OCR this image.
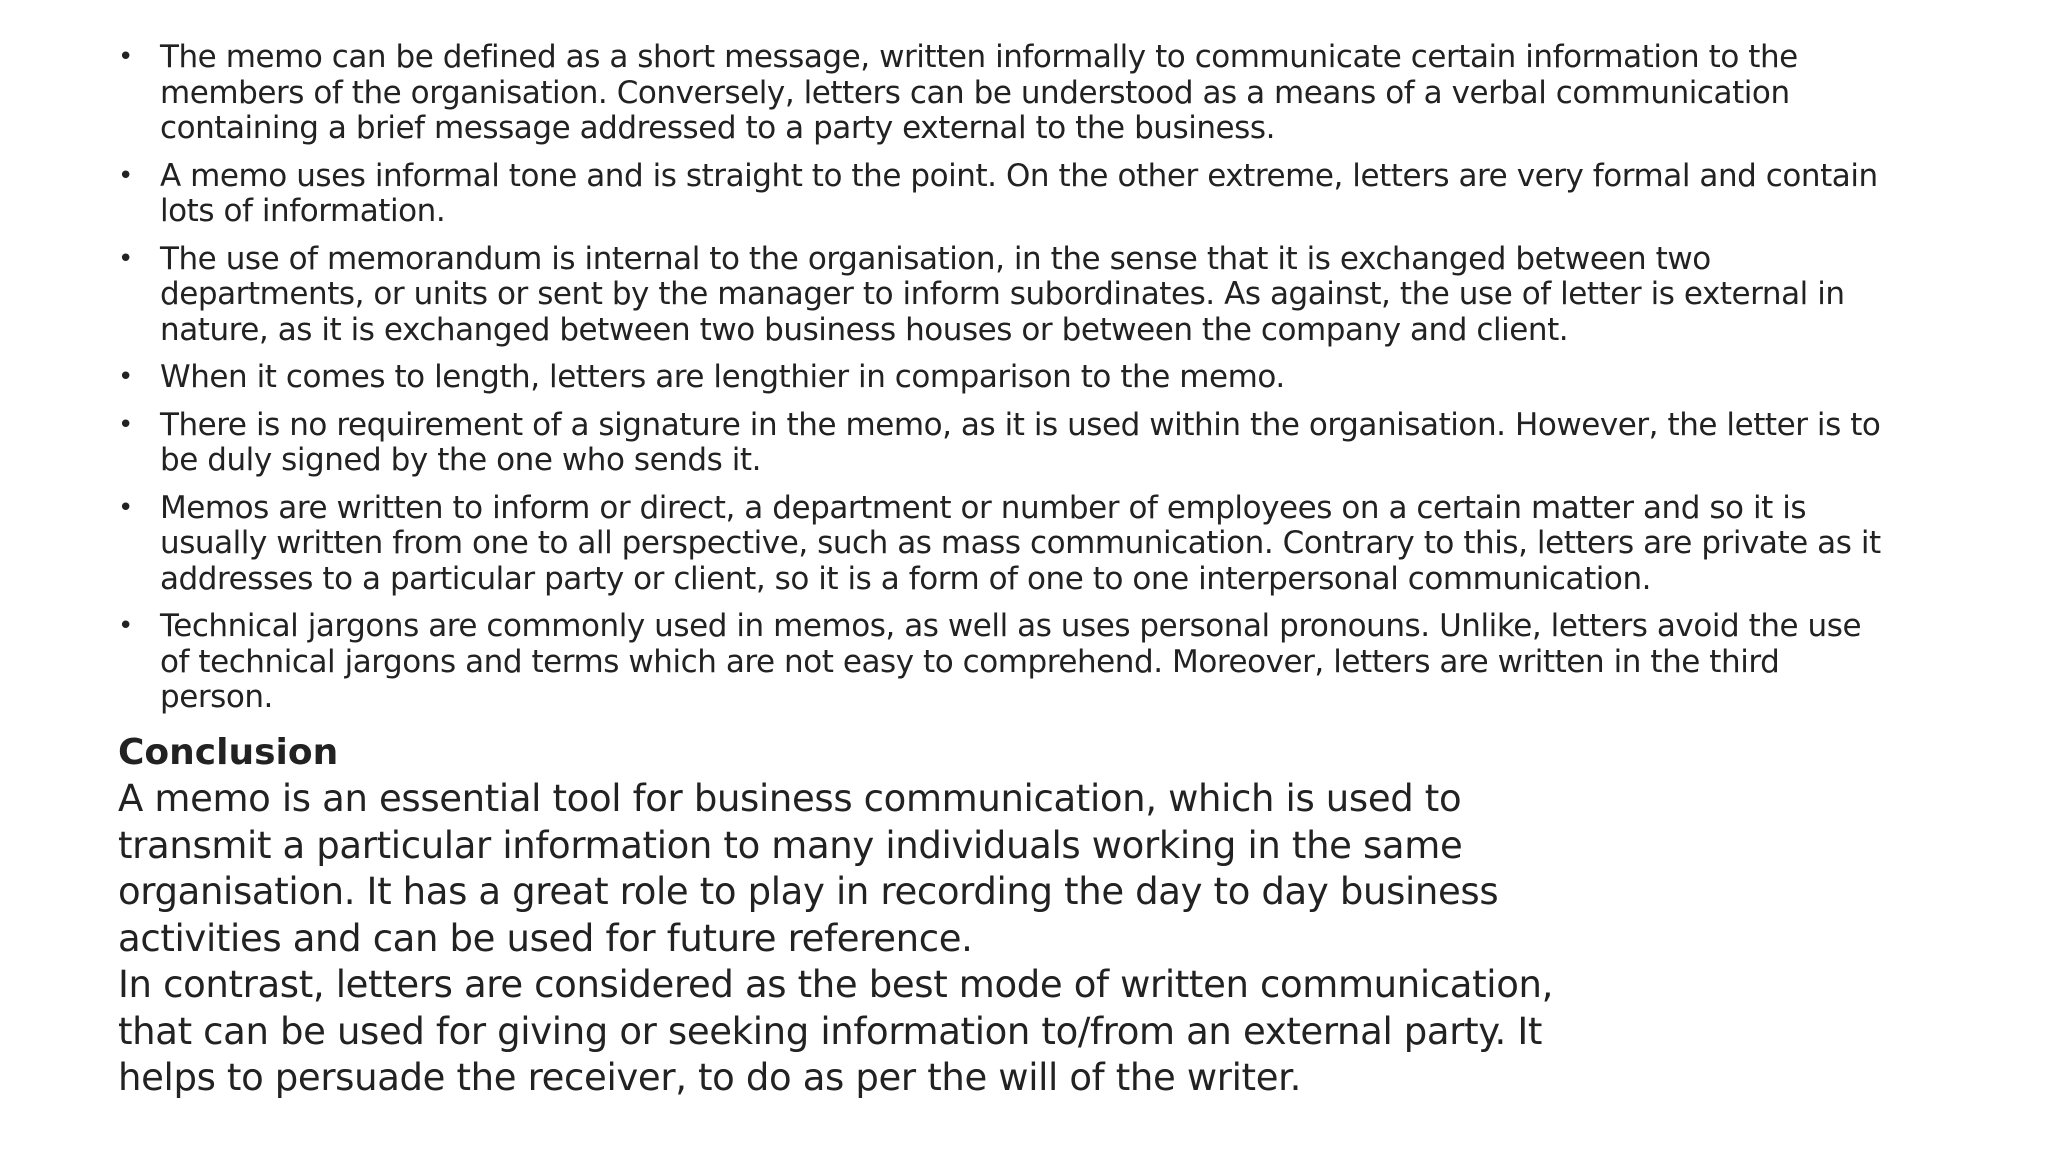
• The memo can be defined as a short message, written informally to communicate certain information to the members of the organisation. Conversely, letters can be understood as a means of a verbal communication containing a brief message addressed to a party external to the business.
• A memo uses informal tone and is straight to the point. On the other extreme, letters are very formal and contain lots of information.
• The use of memorandum is internal to the organisation, in the sense that it is exchanged between two departments, or units or sent by the manager to inform subordinates. As against, the use of letter is external in nature, as it is exchanged between two business houses or between the company and client.
• When it comes to length, letters are lengthier in comparison to the memo.
• There is no requirement of a signature in the memo, as it is used within the organisation. However, the letter is to be duly signed by the one who sends it.
• Memos are written to inform or direct, a department or number of employees on a certain matter and so it is usually written from one to all perspective, such as mass communication. Contrary to this, letters are private as it addresses to a particular party or client, so it is a form of one to one interpersonal communication.
• Technical jargons are commonly used in memos, as well as uses personal pronouns. Unlike, letters avoid the use of technical jargons and terms which are not easy to comprehend. Moreover, letters are written in the third person.
Conclusion

A memo is an essential tool for business communication, which is used to transmit a particular information to many individuals working in the same organisation. It has a great role to play in recording the day to day business activities and can be used for future reference.

In contrast, letters are considered as the best mode of written communication, that can be used for giving or seeking information to/from an external party. It helps to persuade the receiver, to do as per the will of the writer.
